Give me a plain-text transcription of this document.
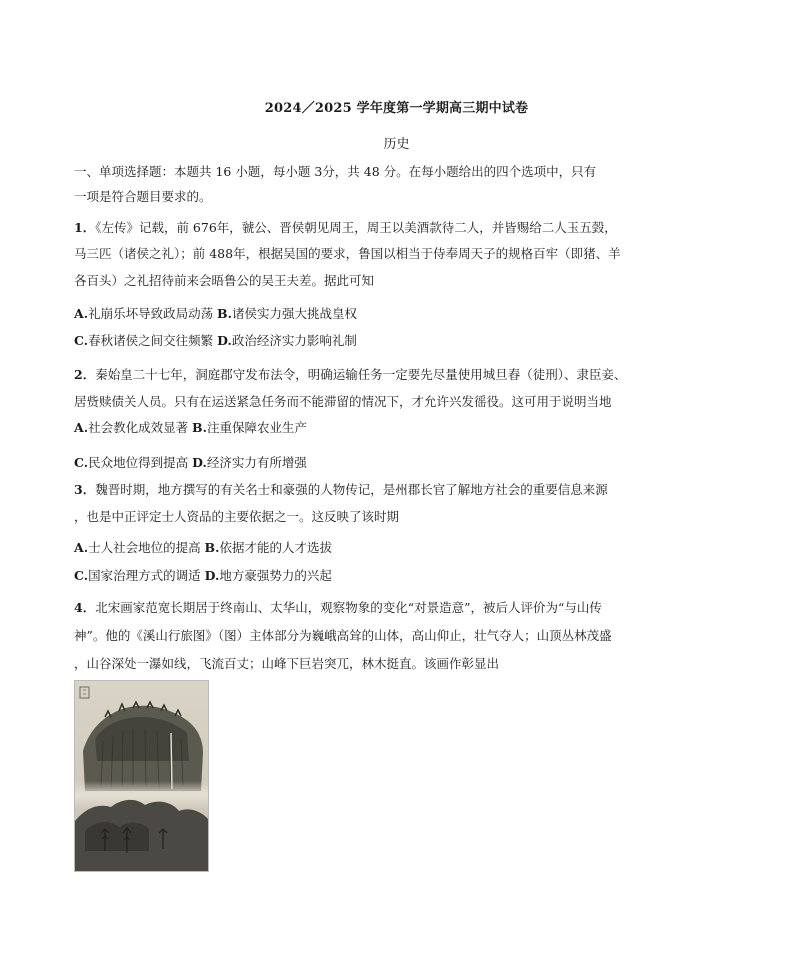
2024／2025 学年度第一学期高三期中试卷
历史
一、单项选择题：本题共 16 小题，每小题 3分，共 48 分。在每小题给出的四个选项中，只有
一项是符合题目要求的。
1．《左传》记载，前 676年，虢公、晋侯朝见周王，周王以美酒款待二人，并皆赐给二人玉五瑴，
马三匹（诸侯之礼）；前 488年，根据吴国的要求，鲁国以相当于侍奉周天子的规格百牢（即猪、羊
各百头）之礼招待前来会晤鲁公的吴王夫差。据此可知
A.礼崩乐坏导致政局动荡 B.诸侯实力强大挑战皇权
C.春秋诸侯之间交往频繁 D.政治经济实力影响礼制
2．秦始皇二十七年，洞庭郡守发布法令，明确运输任务一定要先尽量使用城旦舂（徒刑）、隶臣妾、
居赀赎债关人员。只有在运送紧急任务而不能滞留的情况下，才允许兴发徭役。这可用于说明当地
A.社会教化成效显著 B.注重保障农业生产
C.民众地位得到提高 D.经济实力有所增强
3．魏晋时期，地方撰写的有关名士和豪强的人物传记，是州郡长官了解地方社会的重要信息来源
，也是中正评定士人资品的主要依据之一。这反映了该时期
A.士人社会地位的提高 B.依据才能的人才选拔
C.国家治理方式的调适 D.地方豪强势力的兴起
4．北宋画家范宽长期居于终南山、太华山，观察物象的变化“对景造意”，被后人评价为“与山传
神”。他的《溪山行旅图》（图）主体部分为巍峨高耸的山体，高山仰止，壮气夺人；山顶丛林茂盛
，山谷深处一瀑如线，飞流百丈；山峰下巨岩突兀，林木挺直。该画作彰显出
